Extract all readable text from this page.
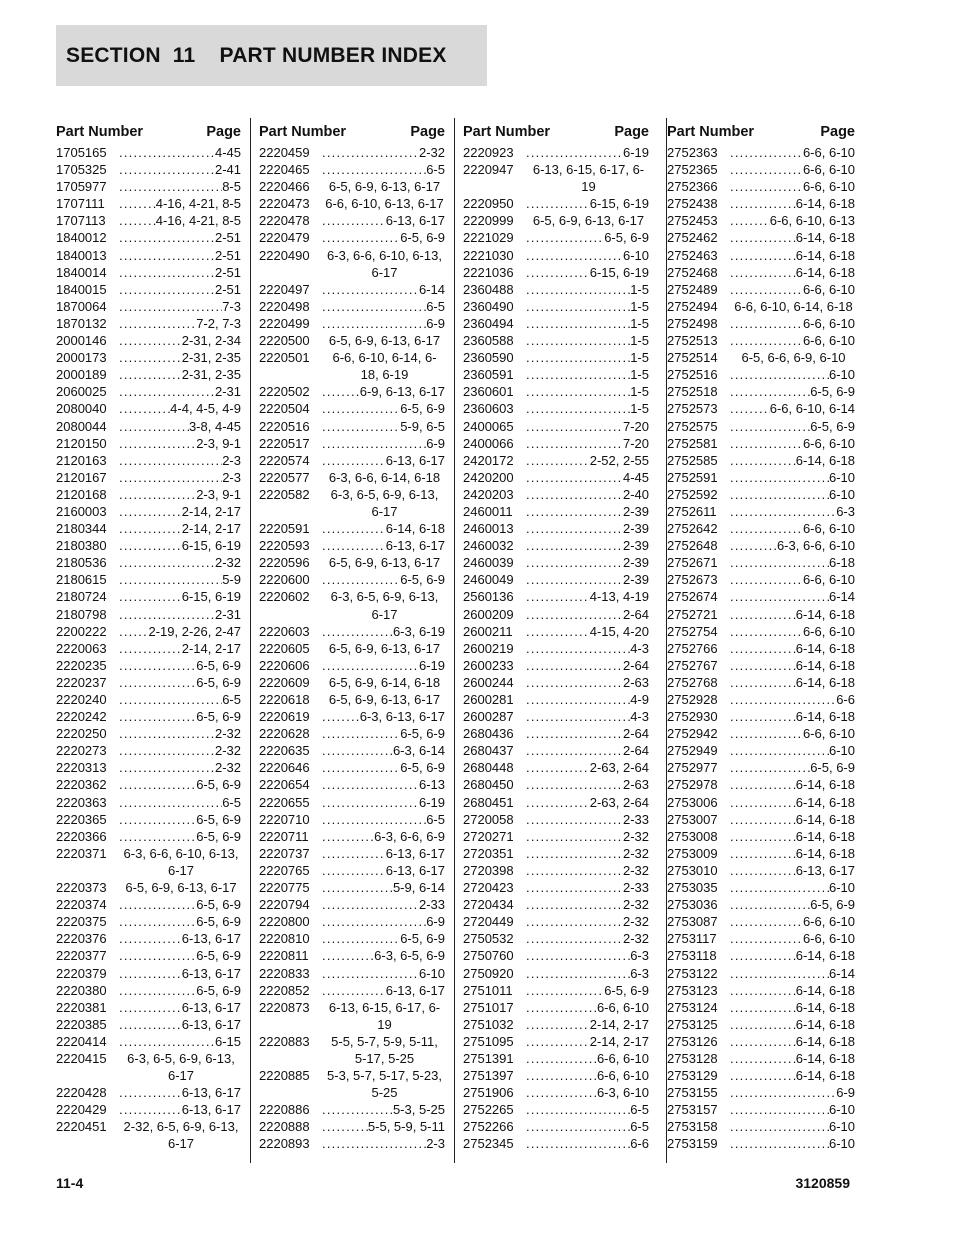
SECTION  11    PART NUMBER INDEX
Part Number	Page
1705165 . . .	4-45
1705325 . . .	2-41
1705977 . . .	8-5
1707111 . . .	4-16, 4-21, 8-5
1707113 . . .	4-16, 4-21, 8-5
1840012 . . .	2-51
1840013 . . .	2-51
1840014 . . .	2-51
1840015 . . .	2-51
1870064 . . .	7-3
1870132 . . .	7-2, 7-3
2000146 . . .	2-31, 2-34
2000173 . . .	2-31, 2-35
2000189 . . .	2-31, 2-35
2060025 . . .	2-31
2080040 . . .	4-4, 4-5, 4-9
2080044 . . .	3-8, 4-45
2120150 . . .	2-3, 9-1
2120163 . . .	2-3
2120167 . . .	2-3
2120168 . . .	2-3, 9-1
2160003 . . .	2-14, 2-17
2180344 . . .	2-14, 2-17
2180380 . . .	6-15, 6-19
2180536 . . .	2-32
2180615 . . .	5-9
2180724 . . .	6-15, 6-19
2180798 . . .	2-31
2200222 . . .	2-19, 2-26, 2-47
2220063 . . .	2-14, 2-17
2220235 . . .	6-5, 6-9
2220237 . . .	6-5, 6-9
2220240 . . .	6-5
2220242 . . .	6-5, 6-9
2220250 . . .	2-32
2220273 . . .	2-32
2220313 . . .	2-32
2220362 . . .	6-5, 6-9
2220363 . . .	6-5
2220365 . . .	6-5, 6-9
2220366 . . .	6-5, 6-9
2220371	6-3, 6-6, 6-10, 6-13, 6-17
2220373	6-5, 6-9, 6-13, 6-17
2220374 . . .	6-5, 6-9
2220375 . . .	6-5, 6-9
2220376 . . .	6-13, 6-17
2220377 . . .	6-5, 6-9
2220379 . . .	6-13, 6-17
2220380 . . .	6-5, 6-9
2220381 . . .	6-13, 6-17
2220385 . . .	6-13, 6-17
2220414 . . .	6-15
2220415	6-3, 6-5, 6-9, 6-13, 6-17
2220428 . . .	6-13, 6-17
2220429 . . .	6-13, 6-17
2220451	2-32, 6-5, 6-9, 6-13, 6-17
Part Number	Page
2220459 . . .	2-32
2220465 . . .	6-5
2220466	6-5, 6-9, 6-13, 6-17
2220473	6-6, 6-10, 6-13, 6-17
2220478 . . .	6-13, 6-17
2220479 . . .	6-5, 6-9
2220490	6-3, 6-6, 6-10, 6-13, 6-17
2220497 . . .	6-14
2220498 . . .	6-5
2220499 . . .	6-9
2220500	6-5, 6-9, 6-13, 6-17
2220501	6-6, 6-10, 6-14, 6-18, 6-19
2220502 . . .	6-9, 6-13, 6-17
2220504 . . .	6-5, 6-9
2220516 . . .	5-9, 6-5
2220517 . . .	6-9
2220574 . . .	6-13, 6-17
2220577	6-3, 6-6, 6-14, 6-18
2220582	6-3, 6-5, 6-9, 6-13, 6-17
2220591 . . .	6-14, 6-18
2220593 . . .	6-13, 6-17
2220596	6-5, 6-9, 6-13, 6-17
2220600 . . .	6-5, 6-9
2220602	6-3, 6-5, 6-9, 6-13, 6-17
2220603 . . .	6-3, 6-19
2220605	6-5, 6-9, 6-13, 6-17
2220606 . . .	6-19
2220609	6-5, 6-9, 6-14, 6-18
2220618	6-5, 6-9, 6-13, 6-17
2220619 . . .	6-3, 6-13, 6-17
2220628 . . .	6-5, 6-9
2220635 . . .	6-3, 6-14
2220646 . . .	6-5, 6-9
2220654 . . .	6-13
2220655 . . .	6-19
2220710 . . .	6-5
2220711 . . .	6-3, 6-6, 6-9
2220737 . . .	6-13, 6-17
2220765 . . .	6-13, 6-17
2220775 . . .	5-9, 6-14
2220794 . . .	2-33
2220800 . . .	6-9
2220810 . . .	6-5, 6-9
2220811 . . .	6-3, 6-5, 6-9
2220833 . . .	6-10
2220852 . . .	6-13, 6-17
2220873	6-13, 6-15, 6-17, 6-19
2220883	5-5, 5-7, 5-9, 5-11, 5-17, 5-25
2220885	5-3, 5-7, 5-17, 5-23, 5-25
2220886 . . .	5-3, 5-25
2220888 . . .	5-5, 5-9, 5-11
2220893 . . .	2-3
Part Number	Page
2220923 . . .	6-19
2220947	6-13, 6-15, 6-17, 6-19
2220950 . . .	6-15, 6-19
2220999	6-5, 6-9, 6-13, 6-17
2221029 . . .	6-5, 6-9
2221030 . . .	6-10
2221036 . . .	6-15, 6-19
2360488 . . .	1-5
2360490 . . .	1-5
2360494 . . .	1-5
2360588 . . .	1-5
2360590 . . .	1-5
2360591 . . .	1-5
2360601 . . .	1-5
2360603 . . .	1-5
2400065 . . .	7-20
2400066 . . .	7-20
2420172 . . .	2-52, 2-55
2420200 . . .	4-45
2420203 . . .	2-40
2460011 . . .	2-39
2460013 . . .	2-39
2460032 . . .	2-39
2460039 . . .	2-39
2460049 . . .	2-39
2560136 . . .	4-13, 4-19
2600209 . . .	2-64
2600211 . . .	4-15, 4-20
2600219 . . .	4-3
2600233 . . .	2-64
2600244 . . .	2-63
2600281 . . .	4-9
2600287 . . .	4-3
2680436 . . .	2-64
2680437 . . .	2-64
2680448 . . .	2-63, 2-64
2680450 . . .	2-63
2680451 . . .	2-63, 2-64
2720058 . . .	2-33
2720271 . . .	2-32
2720351 . . .	2-32
2720398 . . .	2-32
2720423 . . .	2-33
2720434 . . .	2-32
2720449 . . .	2-32
2750532 . . .	2-32
2750760 . . .	6-3
2750920 . . .	6-3
2751011 . . .	6-5, 6-9
2751017 . . .	6-6, 6-10
2751032 . . .	2-14, 2-17
2751095 . . .	2-14, 2-17
2751391 . . .	6-6, 6-10
2751397 . . .	6-6, 6-10
2751906 . . .	6-3, 6-10
2752265 . . .	6-5
2752266 . . .	6-5
2752345 . . .	6-6
Part Number	Page
2752363 . . .	6-6, 6-10
2752365 . . .	6-6, 6-10
2752366 . . .	6-6, 6-10
2752438 . . .	6-14, 6-18
2752453 . . .	6-6, 6-10, 6-13
2752462 . . .	6-14, 6-18
2752463 . . .	6-14, 6-18
2752468 . . .	6-14, 6-18
2752489 . . .	6-6, 6-10
2752494	6-6, 6-10, 6-14, 6-18
2752498 . . .	6-6, 6-10
2752513 . . .	6-6, 6-10
2752514	6-5, 6-6, 6-9, 6-10
2752516 . . .	6-10
2752518 . . .	6-5, 6-9
2752573 . . .	6-6, 6-10, 6-14
2752575 . . .	6-5, 6-9
2752581 . . .	6-6, 6-10
2752585 . . .	6-14, 6-18
2752591 . . .	6-10
2752592 . . .	6-10
2752611 . . .	6-3
2752642 . . .	6-6, 6-10
2752648 . . .	6-3, 6-6, 6-10
2752671 . . .	6-18
2752673 . . .	6-6, 6-10
2752674 . . .	6-14
2752721 . . .	6-14, 6-18
2752754 . . .	6-6, 6-10
2752766 . . .	6-14, 6-18
2752767 . . .	6-14, 6-18
2752768 . . .	6-14, 6-18
2752928 . . .	6-6
2752930 . . .	6-14, 6-18
2752942 . . .	6-6, 6-10
2752949 . . .	6-10
2752977 . . .	6-5, 6-9
2752978 . . .	6-14, 6-18
2753006 . . .	6-14, 6-18
2753007 . . .	6-14, 6-18
2753008 . . .	6-14, 6-18
2753009 . . .	6-14, 6-18
2753010 . . .	6-13, 6-17
2753035 . . .	6-10
2753036 . . .	6-5, 6-9
2753087 . . .	6-6, 6-10
2753117 . . .	6-6, 6-10
2753118 . . .	6-14, 6-18
2753122 . . .	6-14
2753123 . . .	6-14, 6-18
2753124 . . .	6-14, 6-18
2753125 . . .	6-14, 6-18
2753126 . . .	6-14, 6-18
2753128 . . .	6-14, 6-18
2753129 . . .	6-14, 6-18
2753155 . . .	6-9
2753157 . . .	6-10
2753158 . . .	6-10
2753159 . . .	6-10
11-4	3120859
